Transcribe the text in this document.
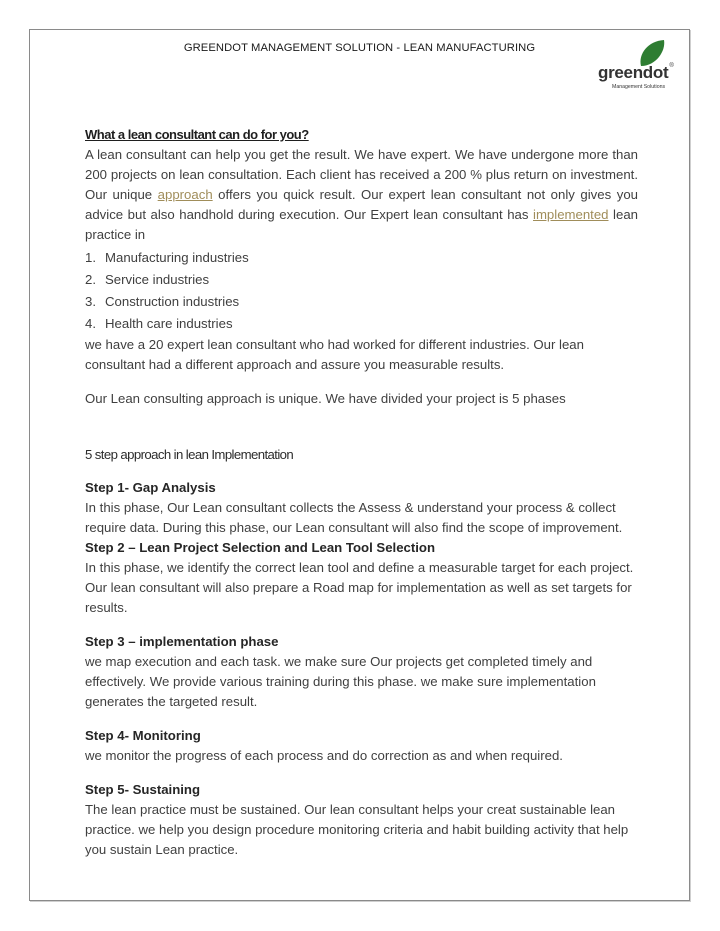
GREENDOT MANAGEMENT SOLUTION - LEAN MANUFACTURING
greendot®
Management Solutions
What a lean consultant can do for you?

A lean consultant can help you get the result. We have expert. We have undergone more than 200 projects on lean consultation. Each client has received a 200 % plus return on investment. Our unique approach offers you quick result. Our expert lean consultant not only gives you advice but also handhold during execution. Our Expert lean consultant has implemented lean practice in

1. Manufacturing industries
2. Service industries
3. Construction industries
4. Health care industries

we have a 20 expert lean consultant who had worked for different industries. Our lean consultant had a different approach and assure you measurable results.

Our Lean consulting approach is unique. We have divided your project is 5 phases

5 step approach in lean Implementation

Step 1- Gap Analysis

In this phase, Our Lean consultant collects the Assess & understand your process & collect require data. During this phase, our Lean consultant will also find the scope of improvement.

Step 2 – Lean Project Selection and Lean Tool Selection

In this phase, we identify the correct lean tool and define a measurable target for each project. Our lean consultant will also prepare a Road map for implementation as well as set targets for results.

Step 3 – implementation phase

we map execution and each task. we make sure Our projects get completed timely and effectively. We provide various training during this phase. we make sure implementation generates the targeted result.

Step 4- Monitoring

we monitor the progress of each process and do correction as and when required.

Step 5- Sustaining

The lean practice must be sustained. Our lean consultant helps your creat sustainable lean practice. we help you design procedure monitoring criteria and habit building activity that help you sustain Lean practice.
